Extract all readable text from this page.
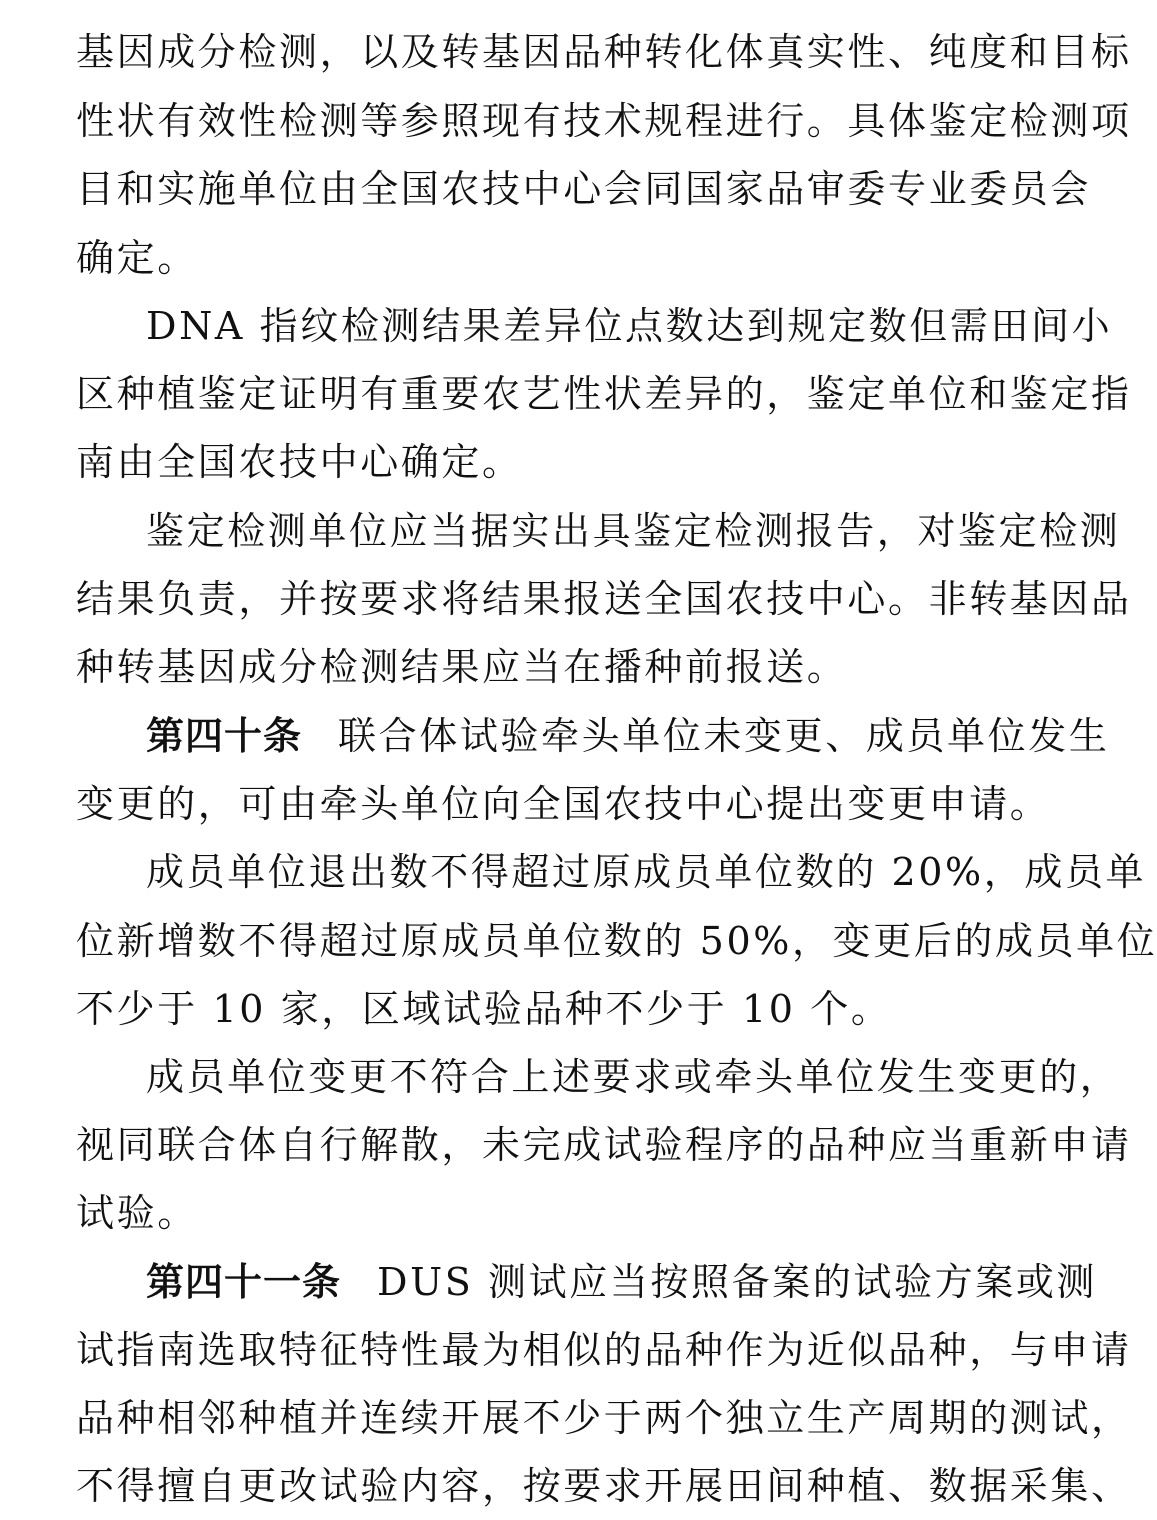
基因成分检测，以及转基因品种转化体真实性、纯度和目标
性状有效性检测等参照现有技术规程进行。具体鉴定检测项
目和实施单位由全国农技中心会同国家品审委专业委员会
确定。
DNA 指纹检测结果差异位点数达到规定数但需田间小
区种植鉴定证明有重要农艺性状差异的，鉴定单位和鉴定指
南由全国农技中心确定。
鉴定检测单位应当据实出具鉴定检测报告，对鉴定检测
结果负责，并按要求将结果报送全国农技中心。非转基因品
种转基因成分检测结果应当在播种前报送。
第四十条 联合体试验牵头单位未变更、成员单位发生
变更的，可由牵头单位向全国农技中心提出变更申请。
成员单位退出数不得超过原成员单位数的 20%，成员单
位新增数不得超过原成员单位数的 50%，变更后的成员单位
不少于 10 家，区域试验品种不少于 10 个。
成员单位变更不符合上述要求或牵头单位发生变更的，
视同联合体自行解散，未完成试验程序的品种应当重新申请
试验。
第四十一条 DUS 测试应当按照备案的试验方案或测
试指南选取特征特性最为相似的品种作为近似品种，与申请
品种相邻种植并连续开展不少于两个独立生产周期的测试，
不得擅自更改试验内容，按要求开展田间种植、数据采集、
